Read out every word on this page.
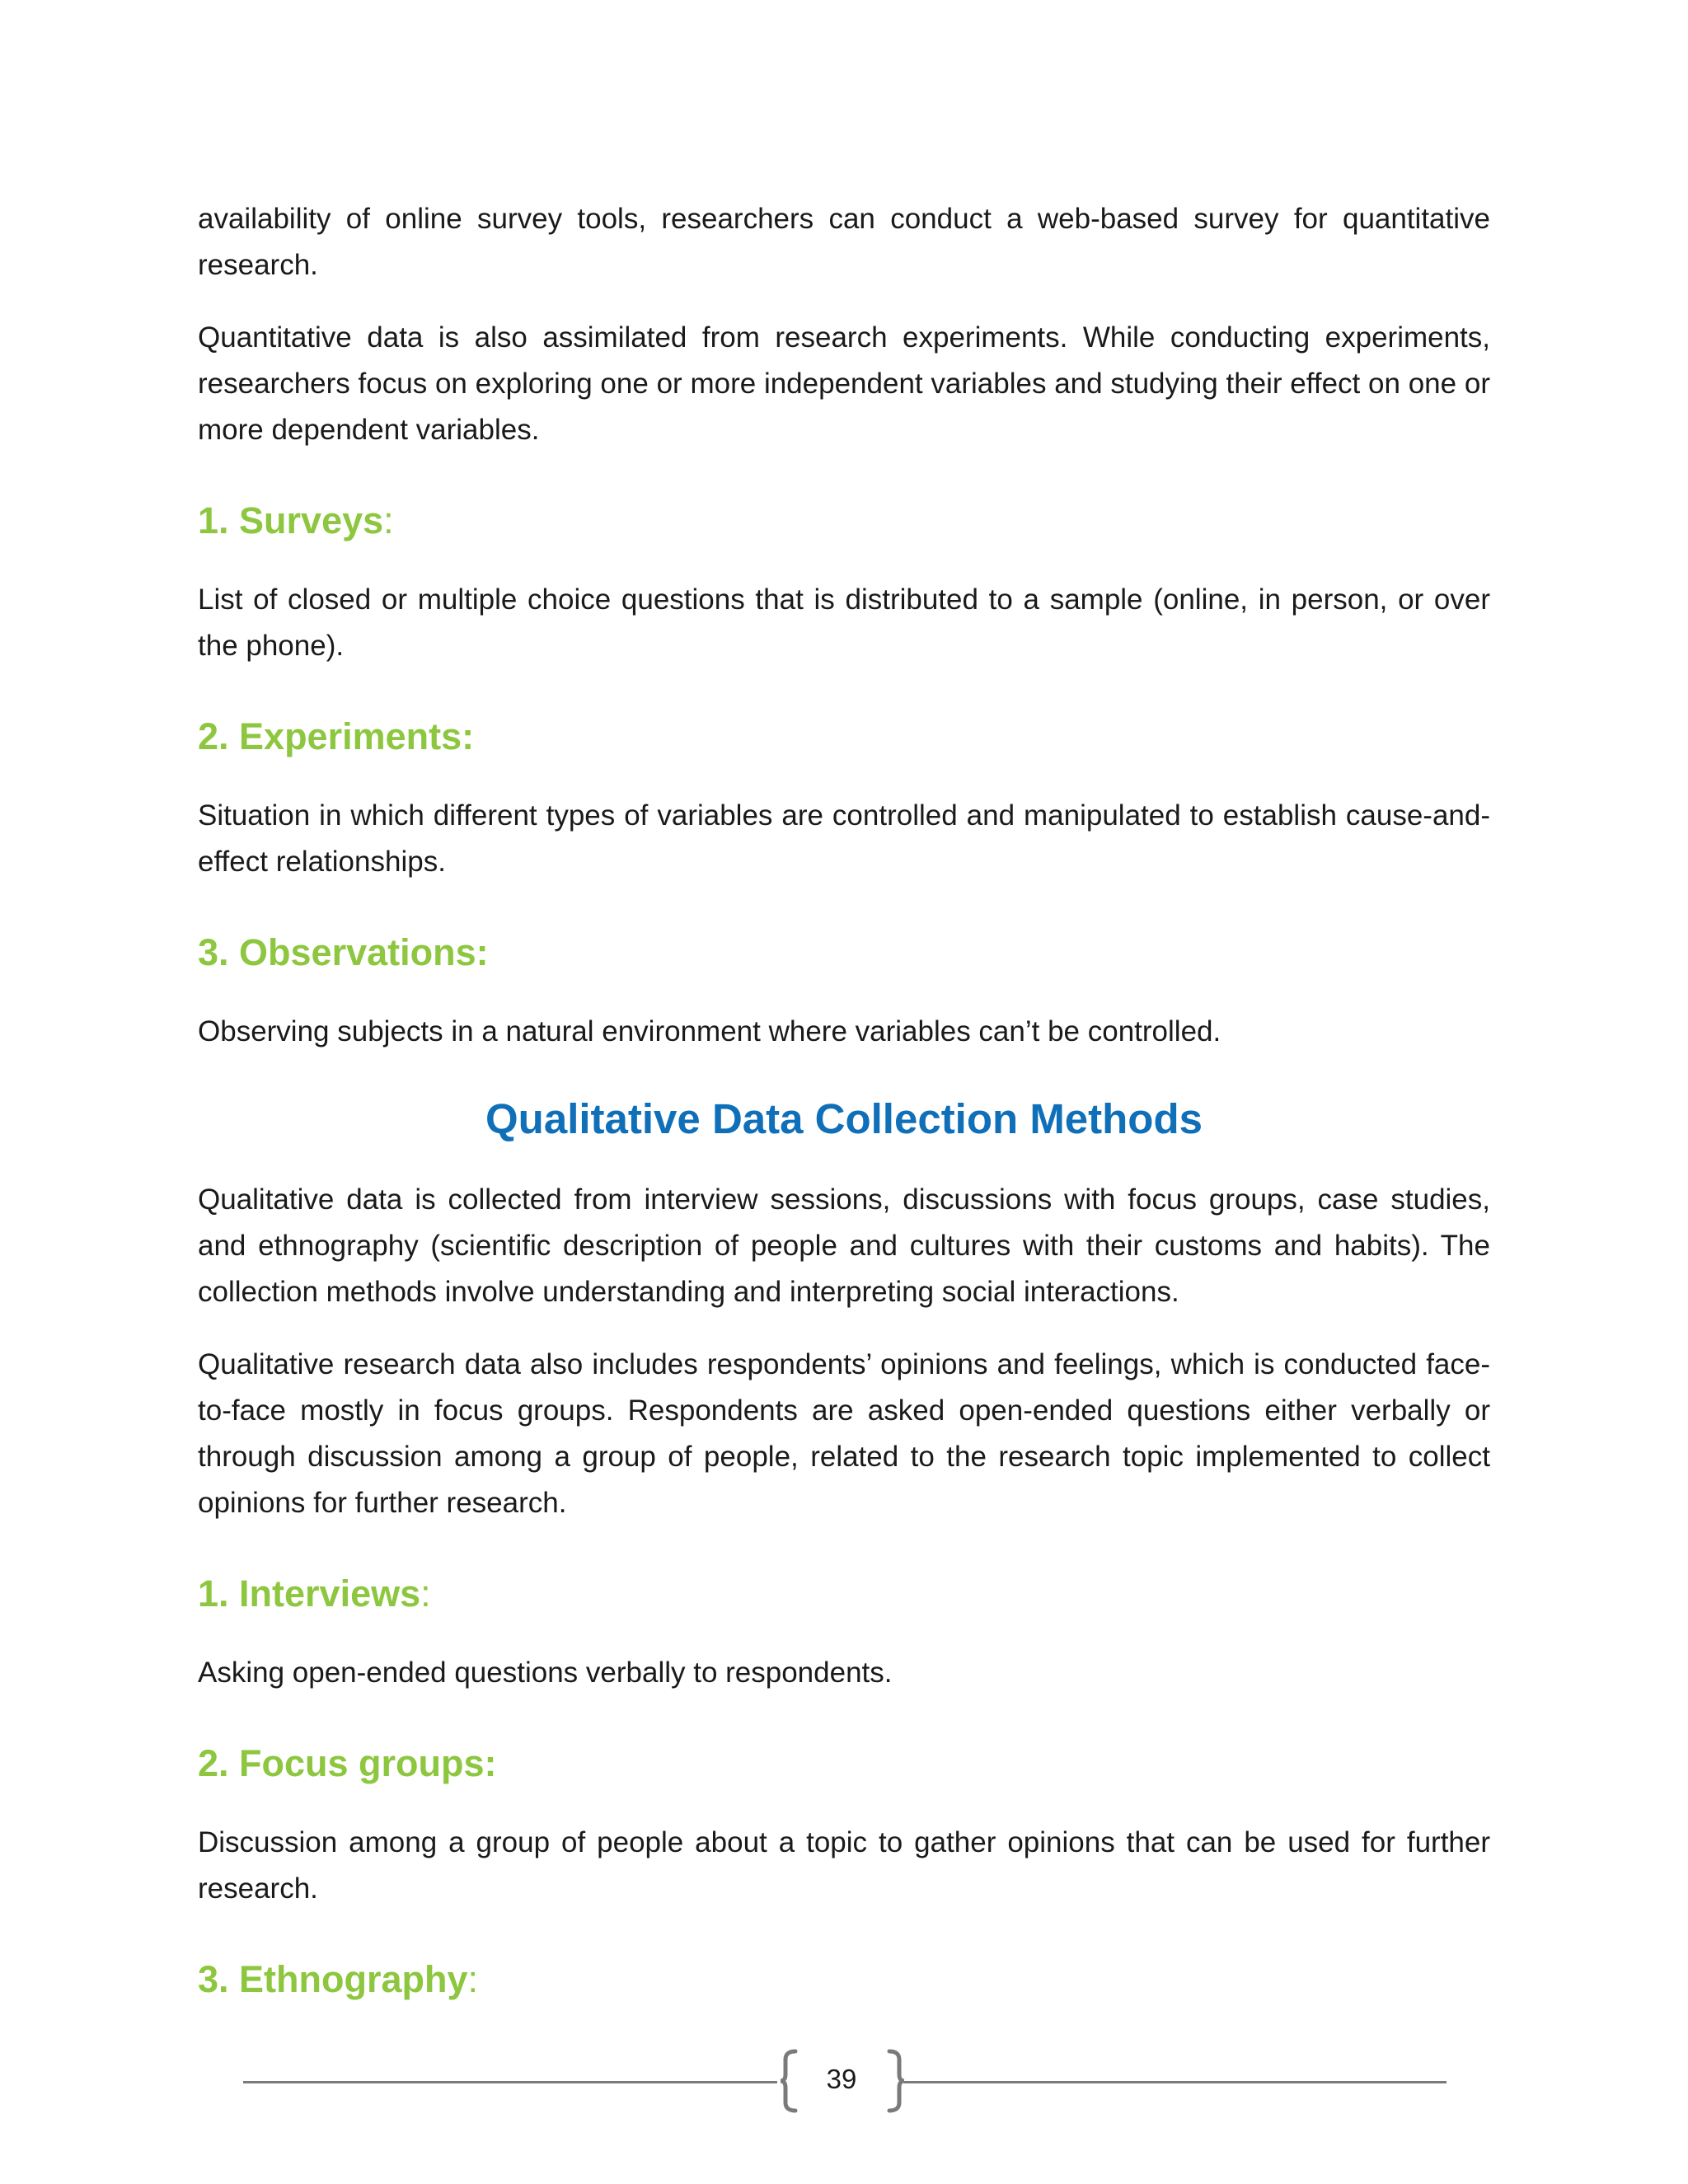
availability of online survey tools, researchers can conduct a web-based survey for quantitative research.

Quantitative data is also assimilated from research experiments. While conducting experiments, researchers focus on exploring one or more independent variables and studying their effect on one or more dependent variables.

1. Surveys:

List of closed or multiple choice questions that is distributed to a sample (online, in person, or over the phone).

2. Experiments:

Situation in which different types of variables are controlled and manipulated to establish cause-and-effect relationships.

3. Observations:

Observing subjects in a natural environment where variables can’t be controlled.

Qualitative Data Collection Methods

Qualitative data is collected from interview sessions, discussions with focus groups, case studies, and ethnography (scientific description of people and cultures with their customs and habits). The collection methods involve understanding and interpreting social interactions.

Qualitative research data also includes respondents’ opinions and feelings, which is conducted face-to-face mostly in focus groups. Respondents are asked open-ended questions either verbally or through discussion among a group of people, related to the research topic implemented to collect opinions for further research.

1. Interviews:

Asking open-ended questions verbally to respondents.

2. Focus groups:

Discussion among a group of people about a topic to gather opinions that can be used for further research.

3. Ethnography:
39
